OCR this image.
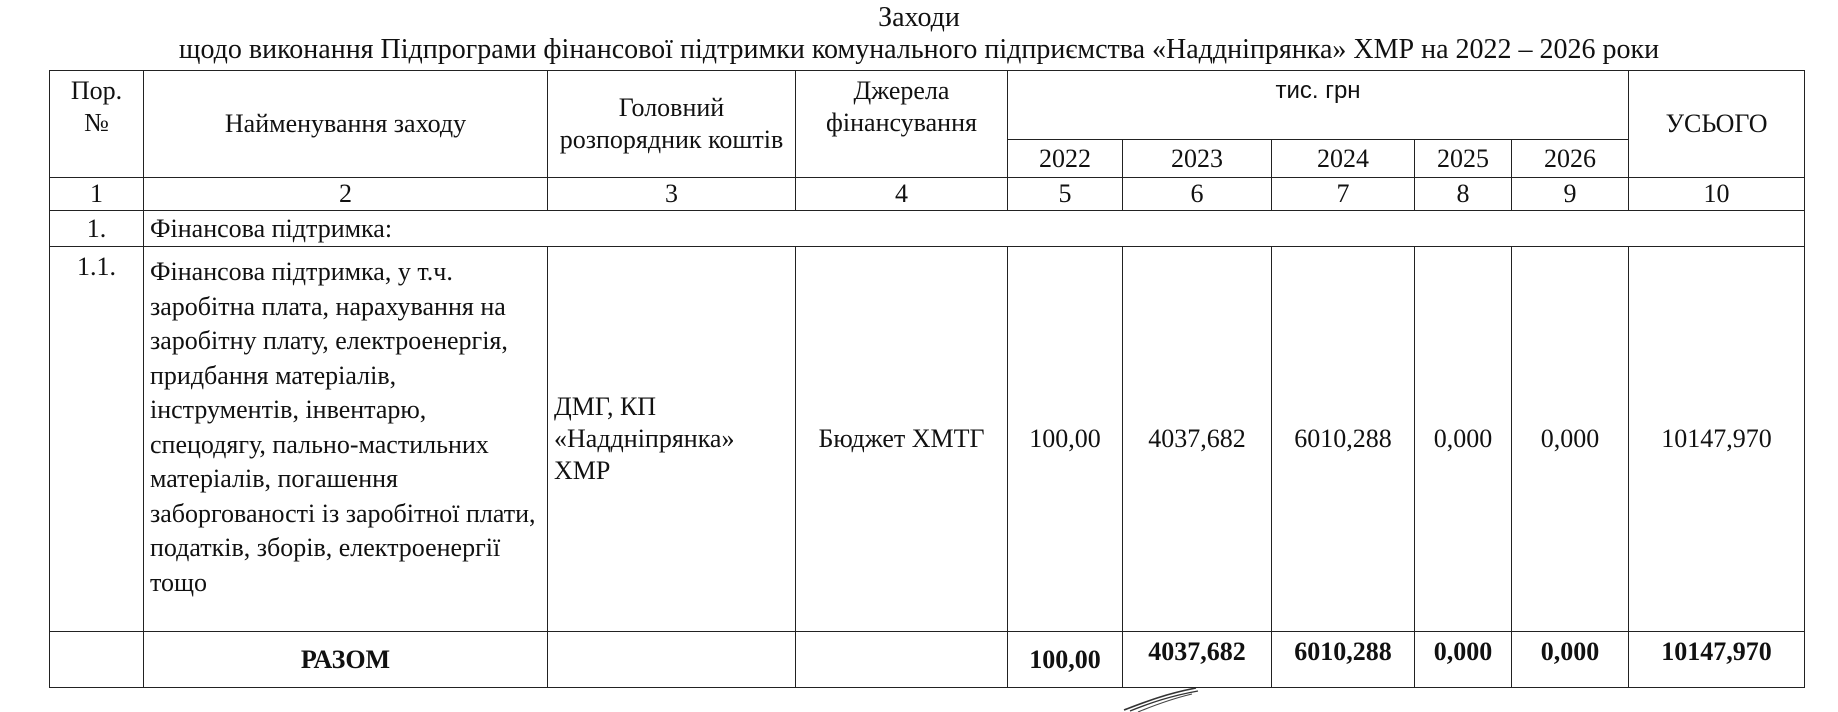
Заходи
щодо виконання Підпрограми фінансової підтримки комунального підприємства «Наддніпрянка» ХМР на 2022 – 2026 роки
Пор. №	Найменування заходу	Головний розпорядник коштів	Джерела фінансування	тис. грн					УСЬОГО
				2022	2023	2024	2025	2026	
1	2	3	4	5	6	7	8	9	10
1.	Фінансова підтримка:								
1.1.	Фінансова підтримка, у т.ч. заробітна плата, нарахування на заробітну плату, електроенергія, придбання матеріалів, інструментів, інвентарю, спецодягу, пально-мастильних матеріалів, погашення заборгованості із заробітної плати, податків, зборів, електроенергії тощо	ДМГ, КП «Наддніпрянка» ХМР	Бюджет ХМТГ	100,00	4037,682	6010,288	0,000	0,000	10147,970
	РАЗОМ			100,00	4037,682	6010,288	0,000	0,000	10147,970
